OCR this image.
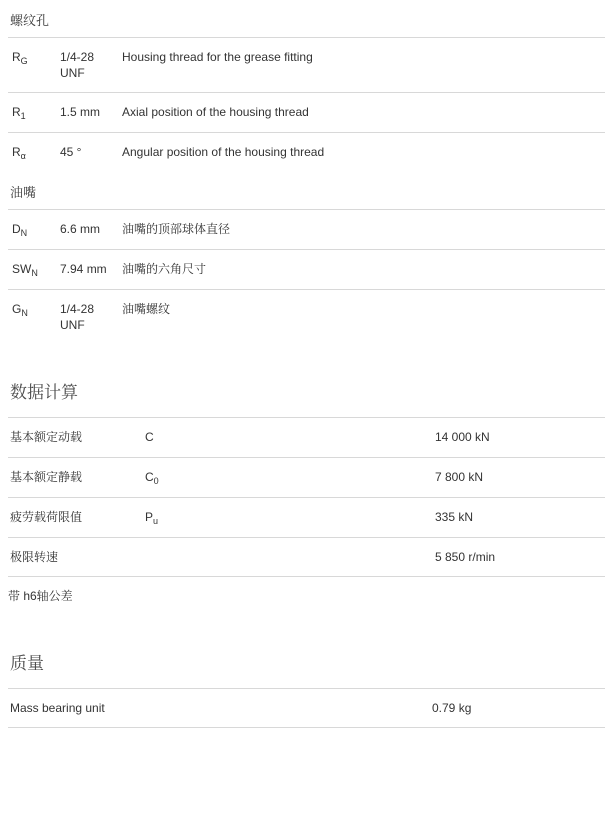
螺纹孔
$R_G$	1/4-28 UNF	Housing thread for the grease fitting
$R_1$	1.5 mm	Axial position of the housing thread
$R_\alpha$	45 °	Angular position of the housing thread
油嘴
$D_N$	6.6 mm	油嘴的顶部球体直径
$SW_N$	7.94 mm	油嘴的六角尺寸
$G_N$	1/4-28 UNF	油嘴螺纹
数据计算
基本额定动载	C	14 000 kN
基本额定静载	$C_0$	7 800 kN
疲劳载荷限值	$P_u$	335 kN
极限转速		5 850 r/min
带 h6轴公差		
质量
Mass bearing unit	0.79 kg
